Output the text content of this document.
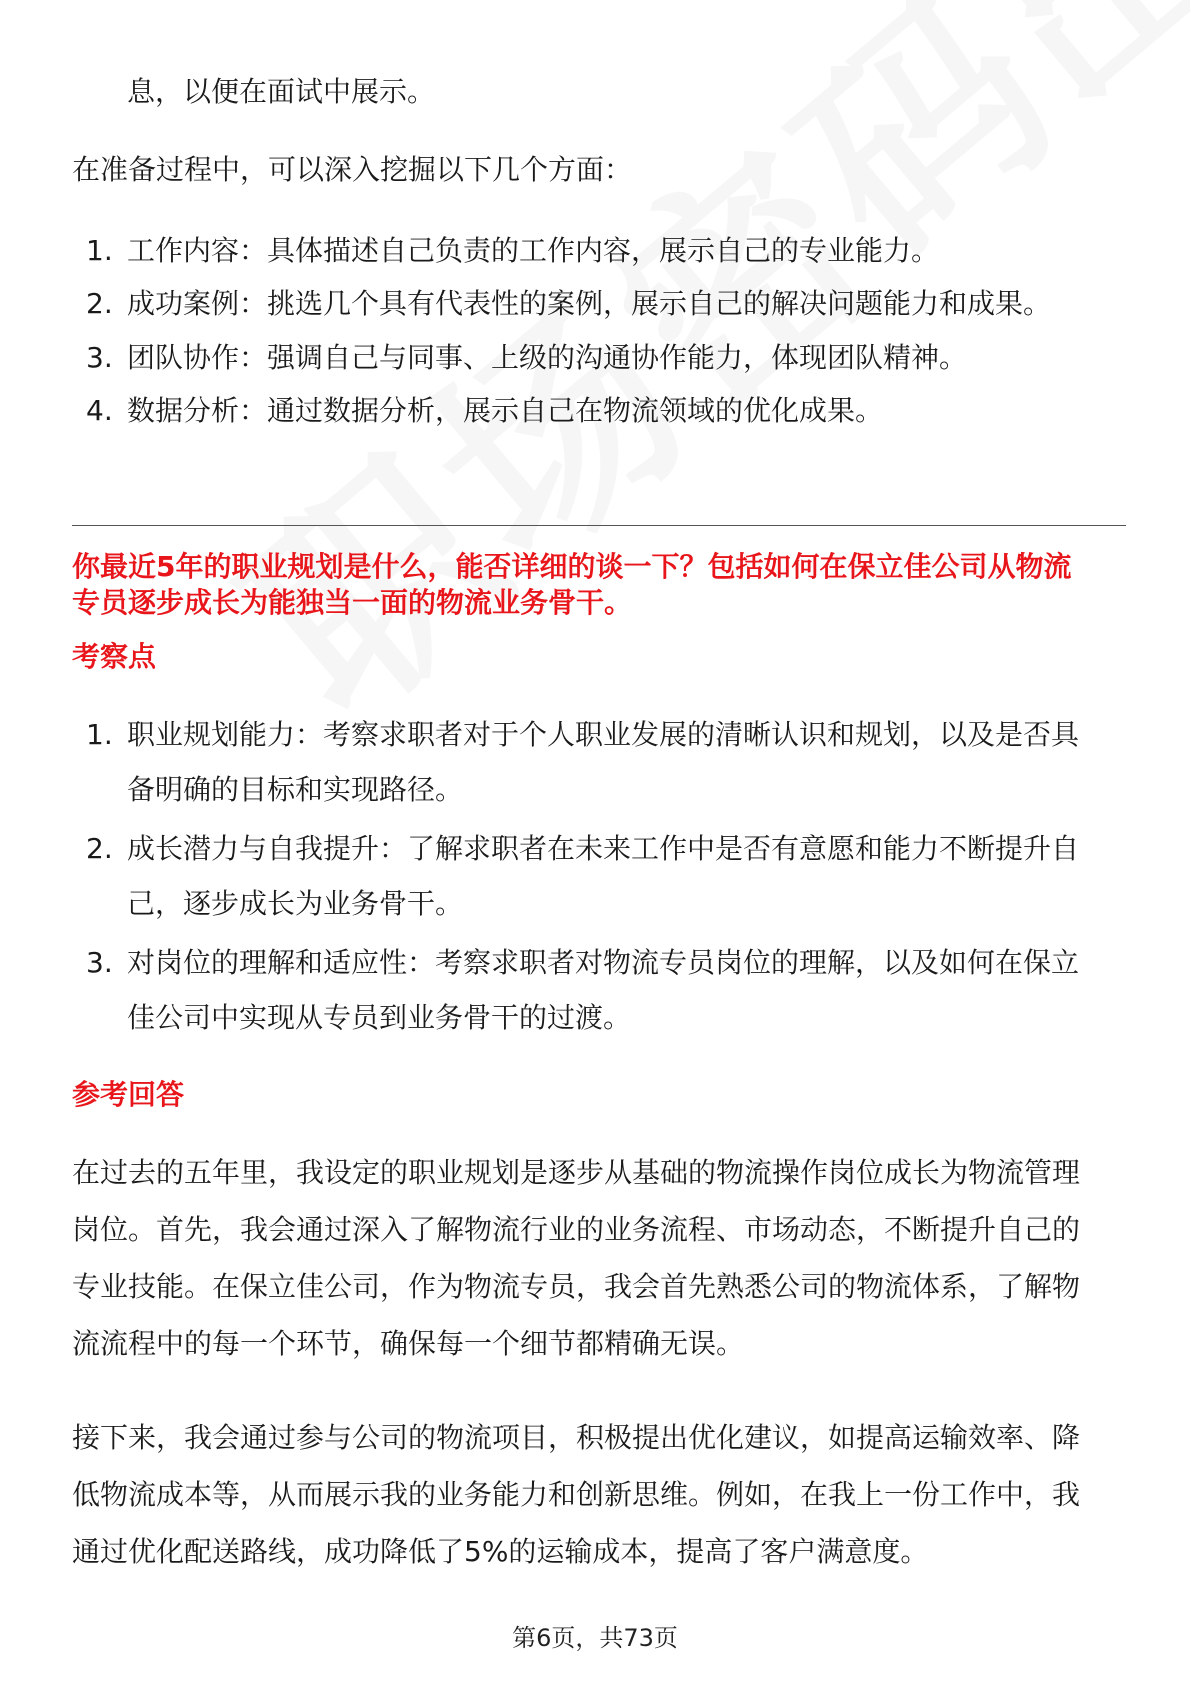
息，以便在面试中展示。
在准备过程中，可以深入挖掘以下几个方面：
1. 工作内容：具体描述自己负责的工作内容，展示自己的专业能力。
2. 成功案例：挑选几个具有代表性的案例，展示自己的解决问题能力和成果。
3. 团队协作：强调自己与同事、上级的沟通协作能力，体现团队精神。
4. 数据分析：通过数据分析，展示自己在物流领域的优化成果。
你最近5年的职业规划是什么，能否详细的谈一下？包括如何在保立佳公司从物流
专员逐步成长为能独当一面的物流业务骨干。
考察点
1. 职业规划能力：考察求职者对于个人职业发展的清晰认识和规划，以及是否具
备明确的目标和实现路径。
2. 成长潜力与自我提升：了解求职者在未来工作中是否有意愿和能力不断提升自
己，逐步成长为业务骨干。
3. 对岗位的理解和适应性：考察求职者对物流专员岗位的理解，以及如何在保立
佳公司中实现从专员到业务骨干的过渡。
参考回答
在过去的五年里，我设定的职业规划是逐步从基础的物流操作岗位成长为物流管理
岗位。首先，我会通过深入了解物流行业的业务流程、市场动态，不断提升自己的
专业技能。在保立佳公司，作为物流专员，我会首先熟悉公司的物流体系，了解物
流流程中的每一个环节，确保每一个细节都精确无误。
接下来，我会通过参与公司的物流项目，积极提出优化建议，如提高运输效率、降
低物流成本等，从而展示我的业务能力和创新思维。例如，在我上一份工作中，我
通过优化配送路线，成功降低了5%的运输成本，提高了客户满意度。
第6页，共73页
